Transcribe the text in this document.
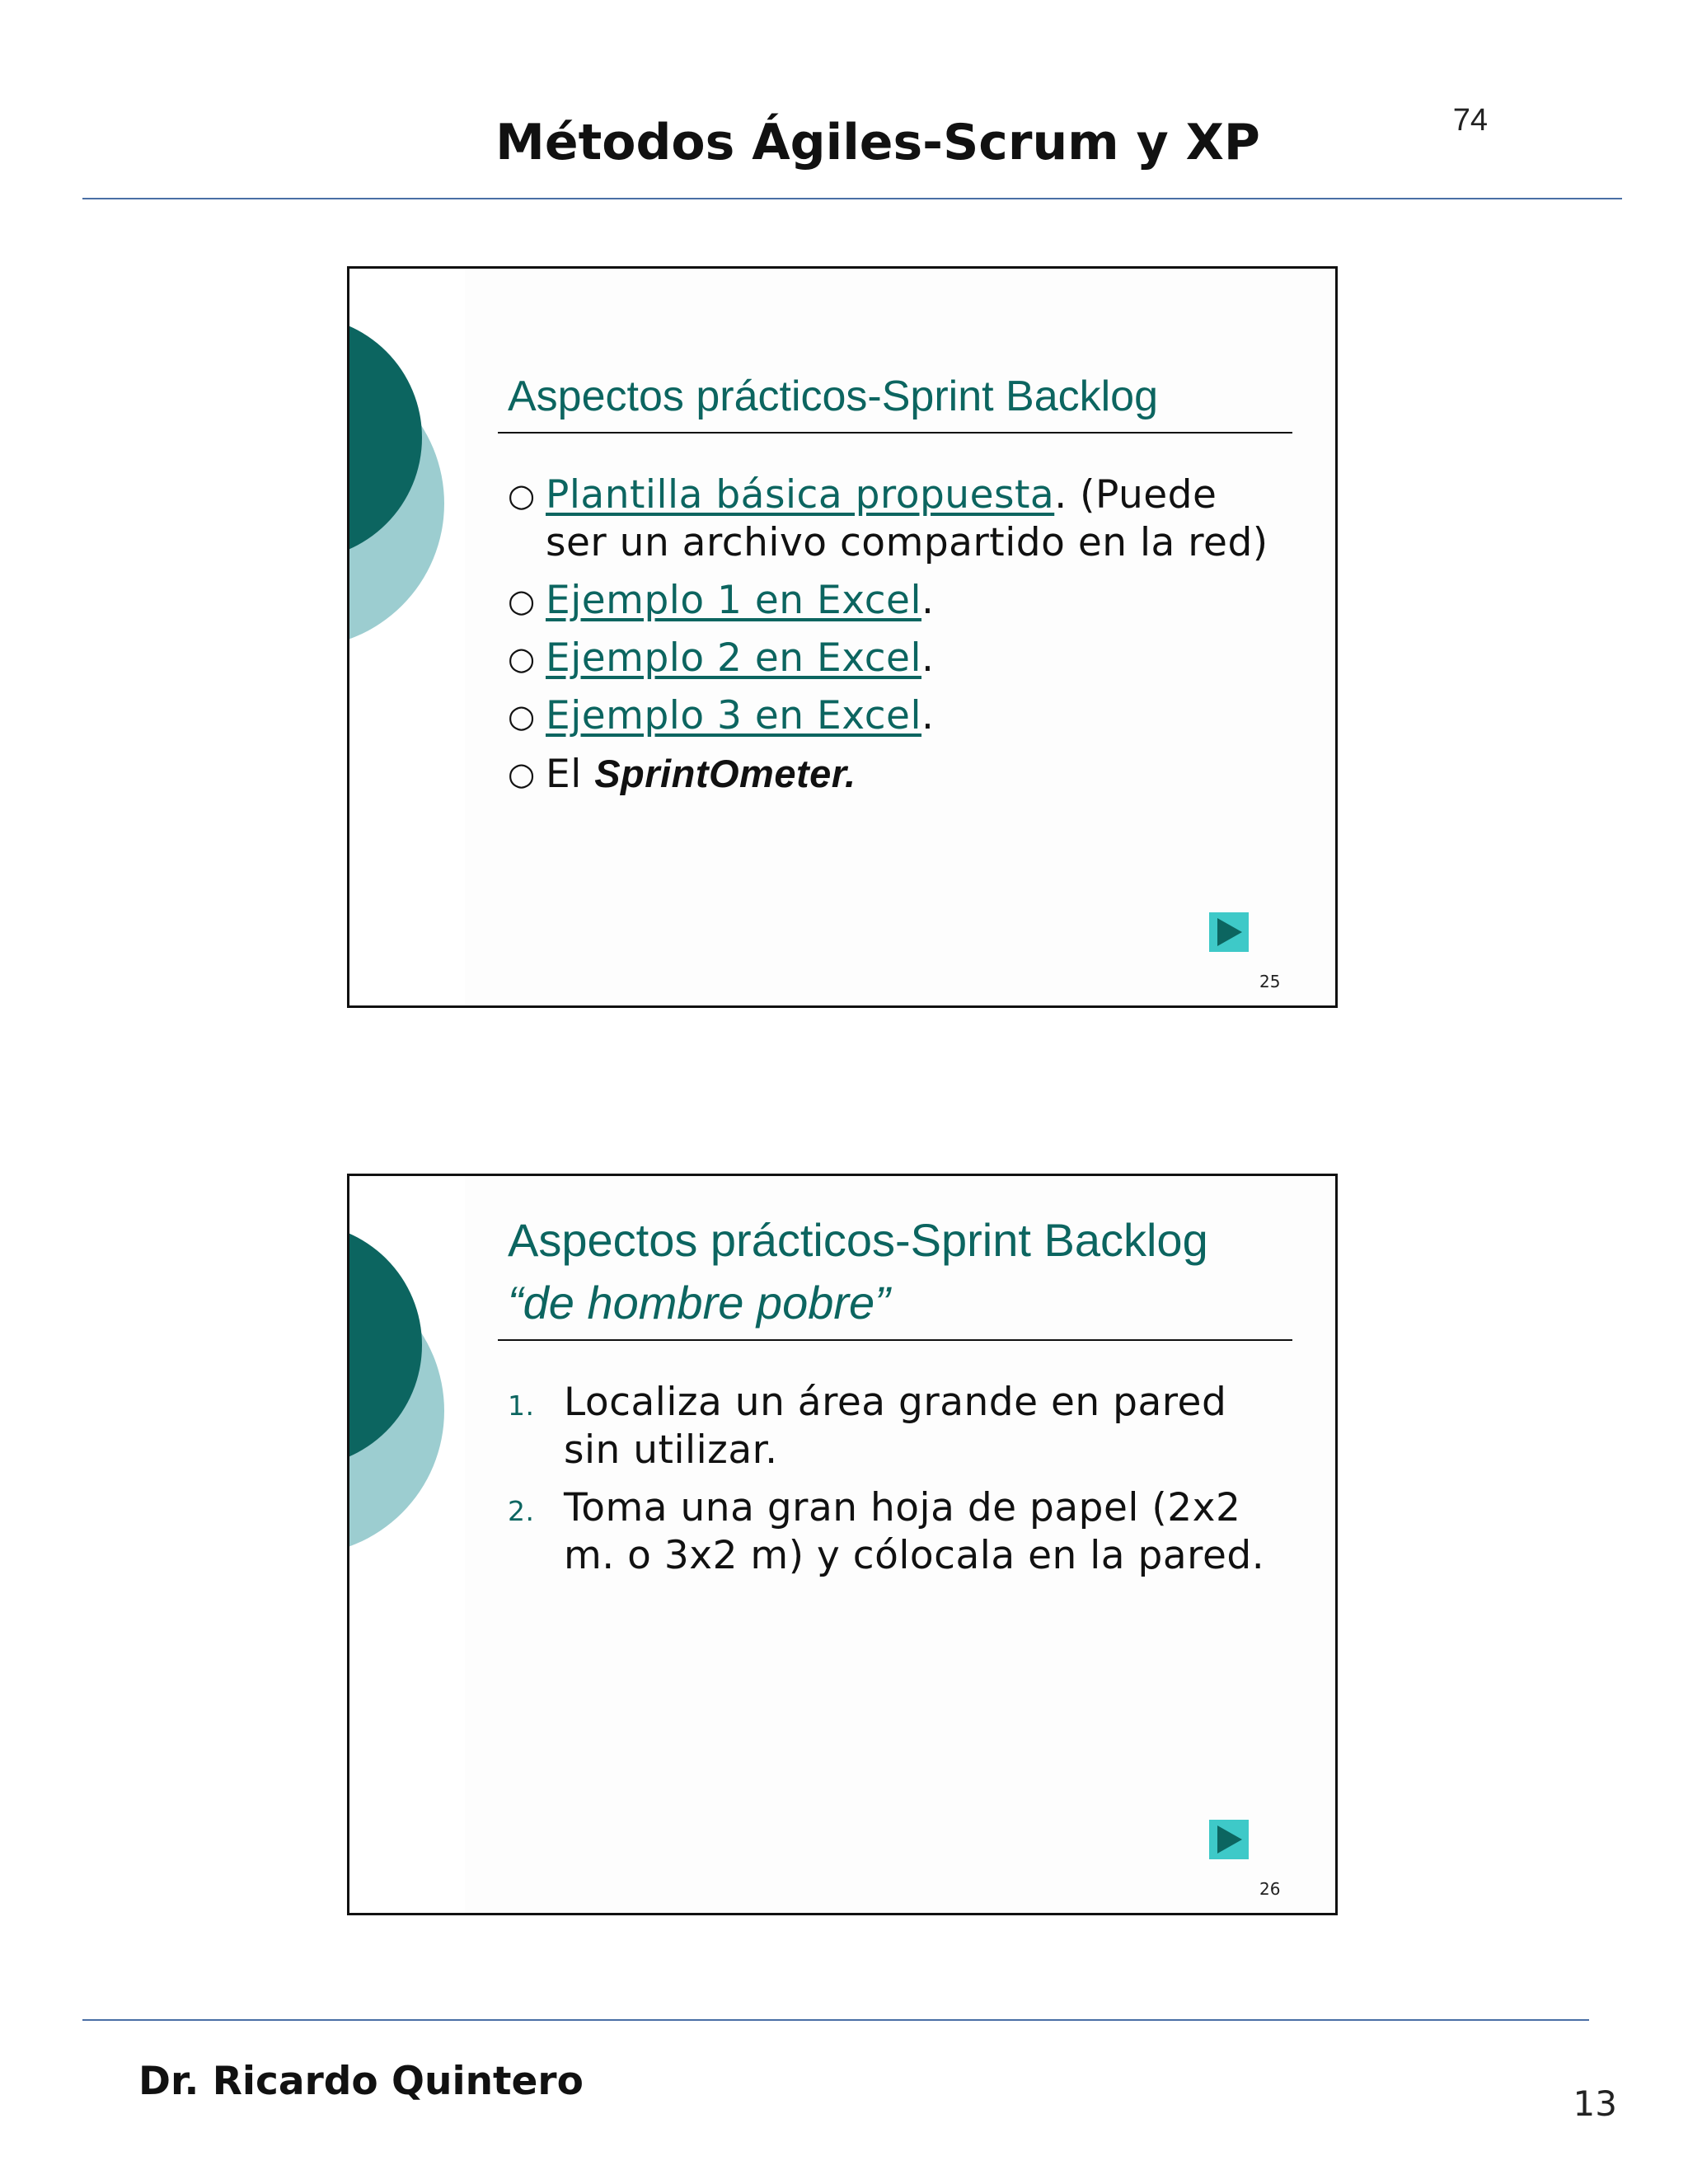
74
Métodos Ágiles-Scrum y XP
Aspectos prácticos-Sprint Backlog
○ Plantilla básica propuesta. (Puede ser un archivo compartido en la red)
○ Ejemplo 1 en Excel.
○ Ejemplo 2 en Excel.
○ Ejemplo 3 en Excel.
○ El SprintOmeter.
25
Aspectos prácticos-Sprint Backlog
“de hombre pobre”
1. Localiza un área grande en pared sin utilizar.
2. Toma una gran hoja de papel (2x2 m. o 3x2 m) y cólocala en la pared.
26
Dr. Ricardo Quintero	13
